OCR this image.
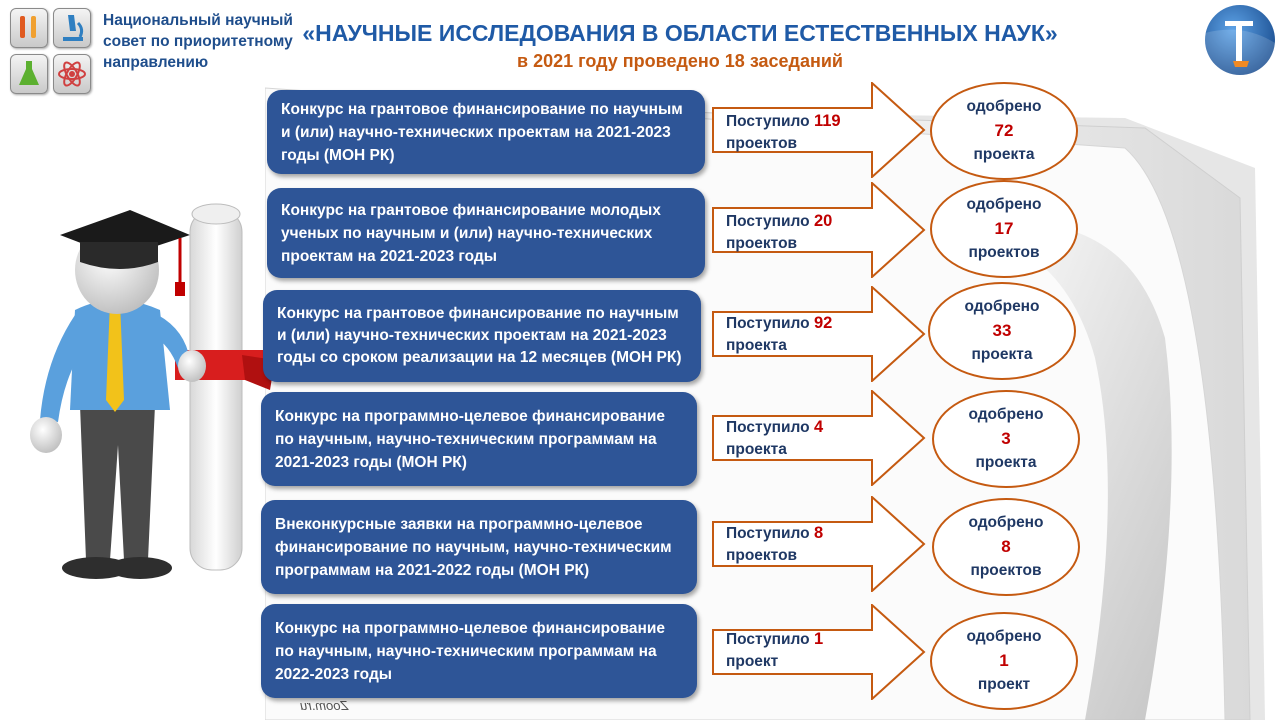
Zoom.ru
Национальный научный совет по приоритетному направлению
«НАУЧНЫЕ ИССЛЕДОВАНИЯ В ОБЛАСТИ ЕСТЕСТВЕННЫХ НАУК»
в 2021 году проведено 18 заседаний
Конкурс на грантовое финансирование по научным и (или) научно-технических проектам на 2021-2023 годы (МОН РК)
Поступило 119
проектов
одобрено
72
проекта
Конкурс на грантовое финансирование молодых ученых по научным и (или) научно-технических проектам на 2021-2023 годы
Поступило 20
проектов
одобрено
17
проектов
Конкурс на грантовое финансирование по научным и (или) научно-технических проектам на 2021-2023 годы со сроком реализации на 12 месяцев (МОН РК)
Поступило 92
проекта
одобрено
33
проекта
Конкурс на программно-целевое финансирование по научным, научно-техническим программам на 2021-2023 годы (МОН РК)
Поступило 4
проекта
одобрено
3
проекта
Внеконкурсные заявки на программно-целевое финансирование по научным, научно-техническим программам на 2021-2022 годы (МОН РК)
Поступило 8
проектов
одобрено
8
проектов
Конкурс на программно-целевое финансирование по научным, научно-техническим программам на 2022-2023 годы
Поступило 1
проект
одобрено
1
проект
